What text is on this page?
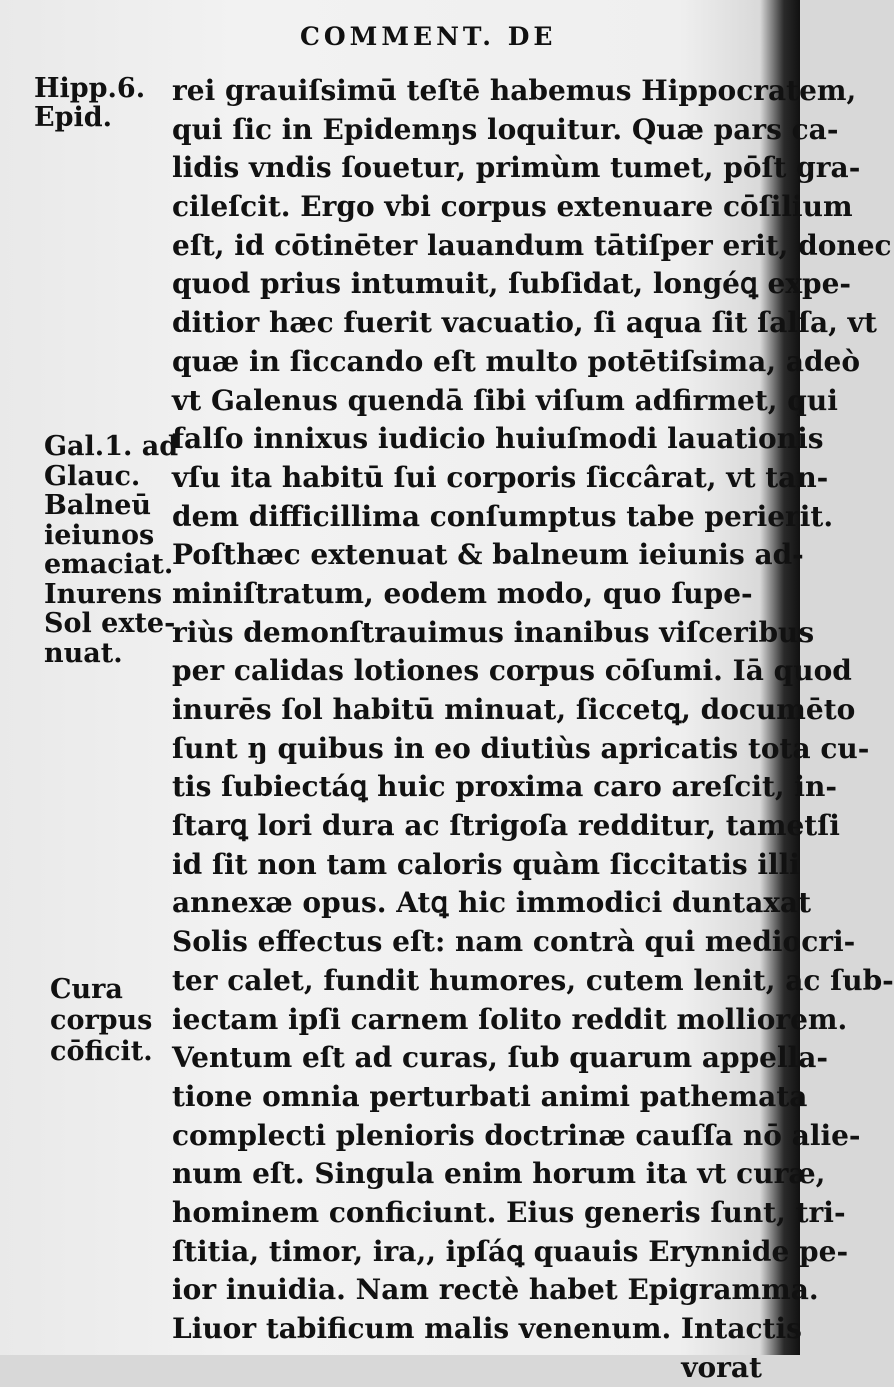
COMMENT. DE
Hipp.6.
Epid.
Gal.1. ad
Glauc.
Balneū
ieiunos
emaciat.
Inurens
Sol exte-
nuat.
Cura
corpus
cōficit.
rei grauiſsimū teſtē habemus Hippocratem,
qui ſic in Epidemŋs loquitur. Quæ pars ca-
lidis vndis ſouetur, primùm tumet, pōſt gra-
cileſcit. Ergo vbi corpus extenuare cōſilium
eſt, id cōtinēter lauandum tātiſper erit, donec
quod prius intumuit, ſubſidat, longéꝗ expe-
ditior hæc fuerit vacuatio, ſi aqua ſit ſalſa, vt
quæ in ſiccando eſt multo potētiſsima, adeò
vt Galenus quendā ſibi viſum adfirmet, qui
falſo innixus iudicio huiuſmodi lauationis
vſu ita habitū ſui corporis ſiccârat, vt tan-
dem difficillima conſumptus tabe perierit.
Poſthæc extenuat & balneum ieiunis ad-
miniſtratum, eodem modo, quo ſupe-
riùs demonſtrauimus inanibus viſceribus
per calidas lotiones corpus cōſumi. Iā quod
inurēs ſol habitū minuat, ſiccetꝗ, documēto
ſunt ŋ quibus in eo diutiùs apricatis tota cu-
tis ſubiectáꝗ huic proxima caro areſcit, in-
ſtarꝗ lori dura ac ſtrigoſa redditur, tametſi
id ſit non tam caloris quàm ſiccitatis illi
annexæ opus. Atꝗ hic immodici duntaxat
Solis effectus eſt: nam contrà qui mediocri-
ter calet, fundit humores, cutem lenit, ac ſub-
iectam ipſi carnem ſolito reddit molliorem.
Ventum eſt ad curas, ſub quarum appella-
tione omnia perturbati animi pathemata
complecti plenioris doctrinæ cauſſa nō alie-
num eſt. Singula enim horum ita vt curæ,
hominem conficiunt. Eius generis ſunt, tri-
ſtitia, timor, ira,, ipſáꝗ quauis Erynnide pe-
ior inuidia. Nam rectè habet Epigramma.
Liuor tabificum malis venenum. Intactis
vorat
